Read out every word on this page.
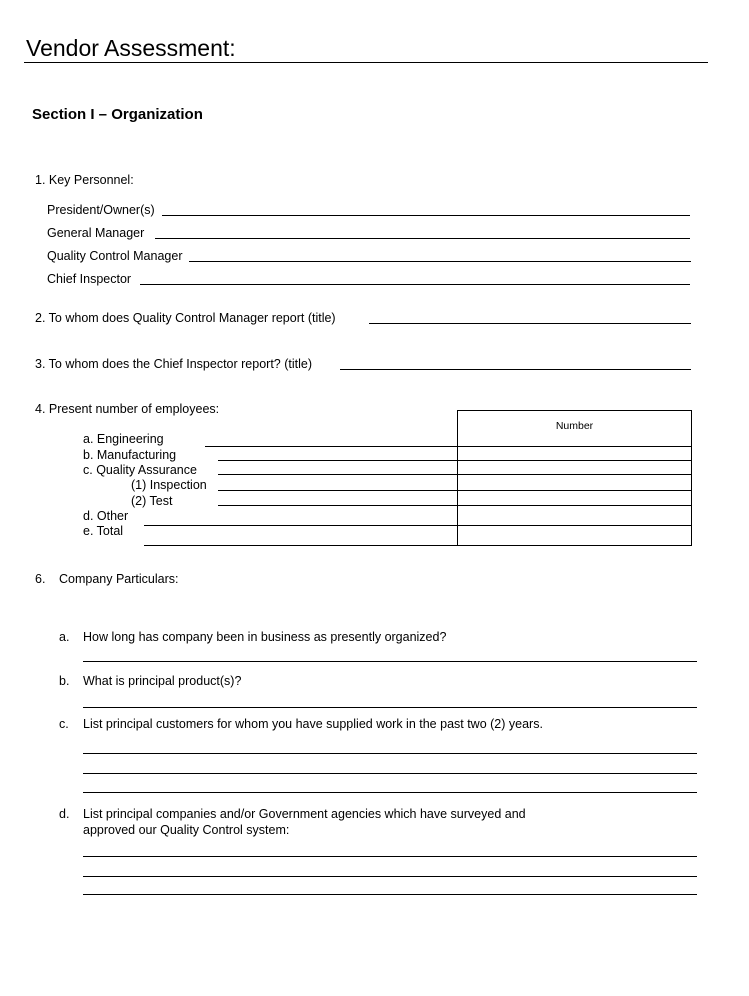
Vendor Assessment:
Section I – Organization
1. Key Personnel:
President/Owner(s)
General Manager
Quality Control Manager
Chief Inspector
2. To whom does Quality Control Manager report (title)
3. To whom does the Chief Inspector report? (title)
4. Present number of employees:
Number
a. Engineering
b. Manufacturing
c. Quality Assurance
(1) Inspection
(2) Test
d. Other
e. Total
6. Company Particulars:
a. How long has company been in business as presently organized?
b. What is principal product(s)?
c. List principal customers for whom you have supplied work in the past two (2) years.
d. List principal companies and/or Government agencies which have surveyed and
approved our Quality Control system:
